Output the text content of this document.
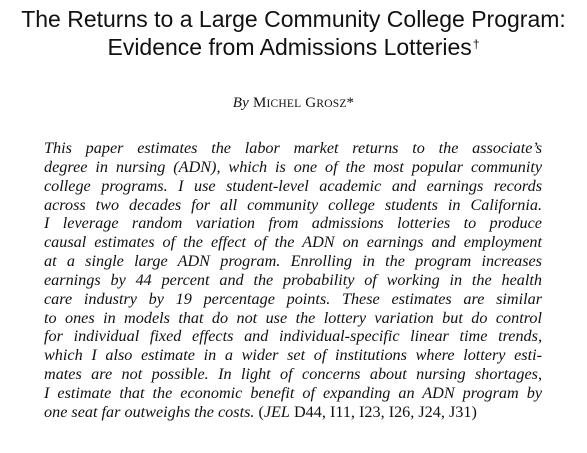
The Returns to a Large Community College Program:
Evidence from Admissions Lotteries†
By MICHEL GROSZ*
This paper estimates the labor market returns to the associate’s
degree in nursing (ADN), which is one of the most popular community
college programs. I use student-level academic and earnings records
across two decades for all community college students in California.
I leverage random variation from admissions lotteries to produce
causal estimates of the effect of the ADN on earnings and employment
at a single large ADN program. Enrolling in the program increases
earnings by 44 percent and the probability of working in the health
care industry by 19 percentage points. These estimates are similar
to ones in models that do not use the lottery variation but do control
for individual fixed effects and individual-specific linear time trends,
which I also estimate in a wider set of institutions where lottery esti-
mates are not possible. In light of concerns about nursing shortages,
I estimate that the economic benefit of expanding an ADN program by
one seat far outweighs the costs. (JEL D44, I11, I23, I26, J24, J31)
